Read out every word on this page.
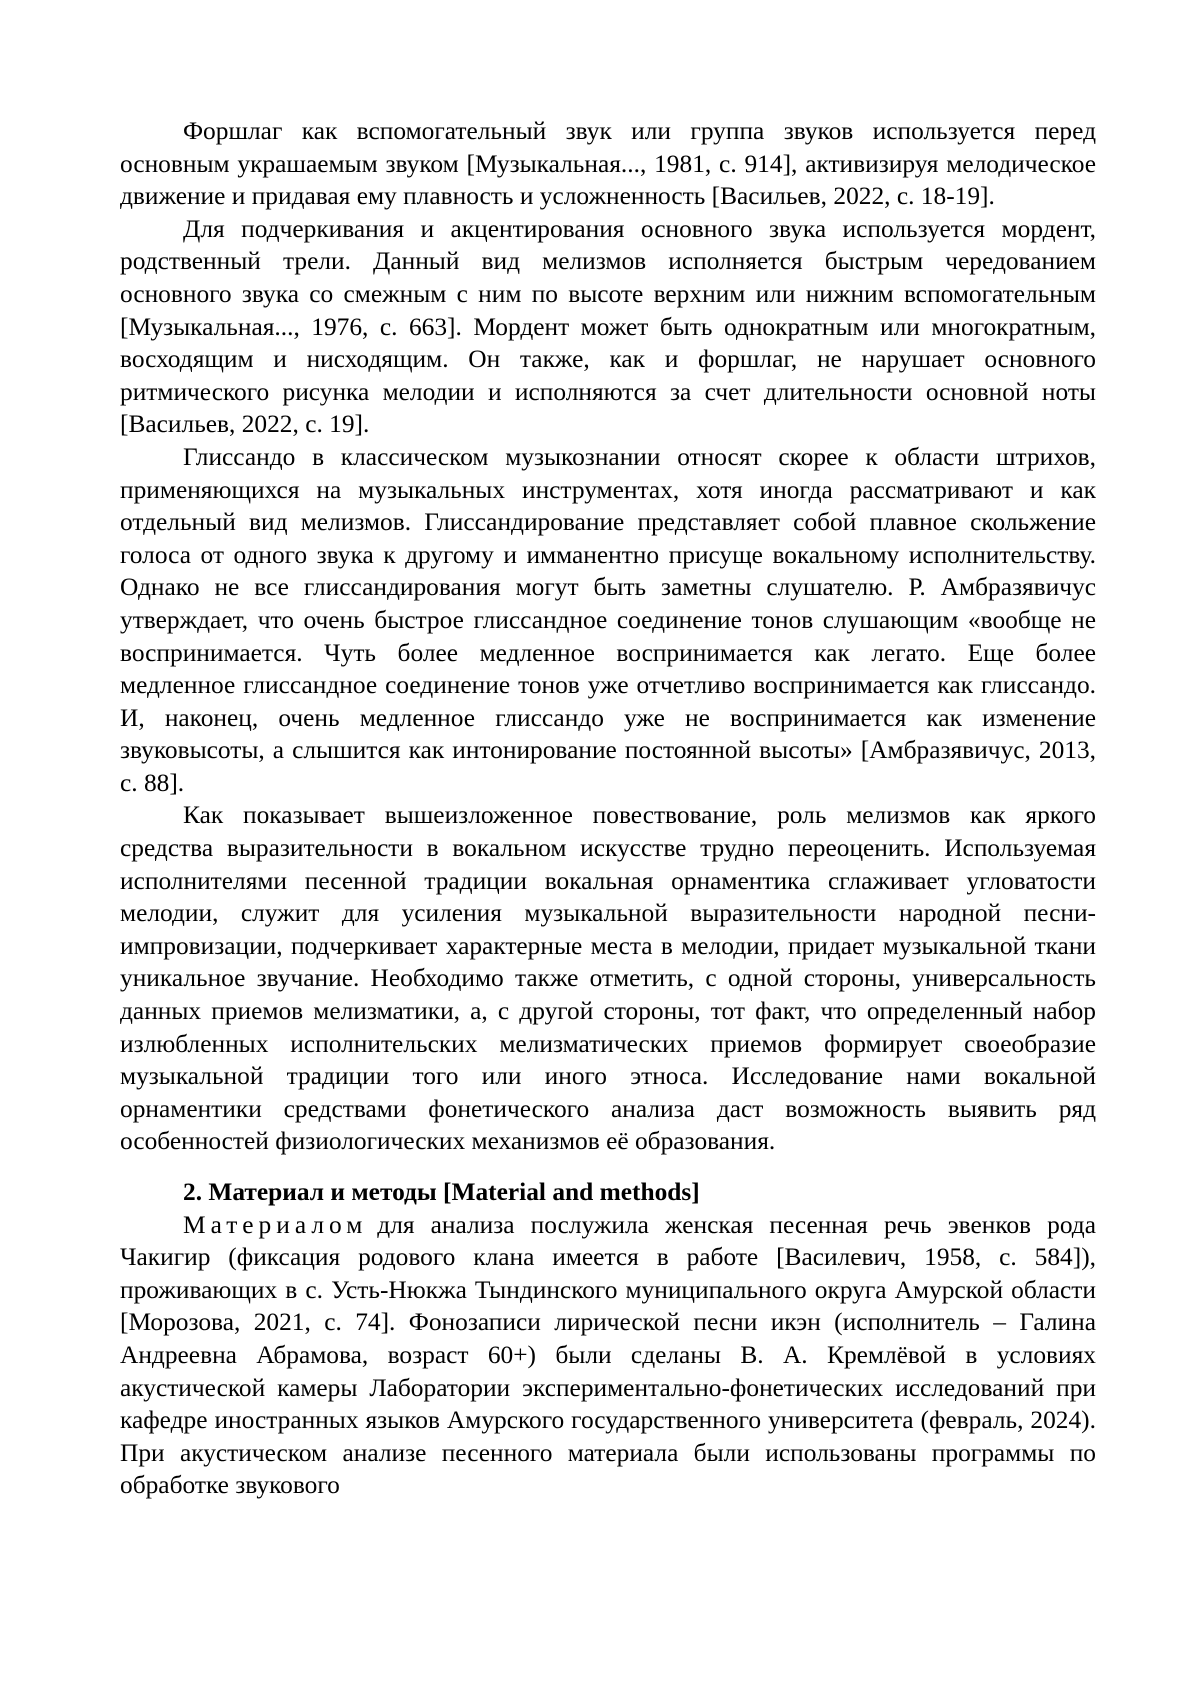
Форшлаг как вспомогательный звук или группа звуков используется перед основным украшаемым звуком [Музыкальная..., 1981, с. 914], активизируя мелодическое движение и придавая ему плавность и усложненность [Васильев, 2022, с. 18-19].

Для подчеркивания и акцентирования основного звука используется мордент, родственный трели. Данный вид мелизмов исполняется быстрым чередованием основного звука со смежным с ним по высоте верхним или нижним вспомогательным [Музыкальная..., 1976, с. 663]. Мордент может быть однократным или многократным, восходящим и нисходящим. Он также, как и форшлаг, не нарушает основного ритмического рисунка мелодии и исполняются за счет длительности основной ноты [Васильев, 2022, с. 19].

Глиссандо в классическом музыкознании относят скорее к области штрихов, применяющихся на музыкальных инструментах, хотя иногда рассматривают и как отдельный вид мелизмов. Глиссандирование представляет собой плавное скольжение голоса от одного звука к другому и имманентно присуще вокальному исполнительству. Однако не все глиссандирования могут быть заметны слушателю. Р. Амбразявичус утверждает, что очень быстрое глиссандное соединение тонов слушающим «вообще не воспринимается. Чуть более медленное воспринимается как легато. Еще более медленное глиссандное соединение тонов уже отчетливо воспринимается как глиссандо. И, наконец, очень медленное глиссандо уже не воспринимается как изменение звуковысоты, а слышится как интонирование постоянной высоты» [Амбразявичус, 2013, с. 88].

Как показывает вышеизложенное повествование, роль мелизмов как яркого средства выразительности в вокальном искусстве трудно переоценить. Используемая исполнителями песенной традиции вокальная орнаментика сглаживает угловатости мелодии, служит для усиления музыкальной выразительности народной песни-импровизации, подчеркивает характерные места в мелодии, придает музыкальной ткани уникальное звучание. Необходимо также отметить, с одной стороны, универсальность данных приемов мелизматики, а, с другой стороны, тот факт, что определенный набор излюбленных исполнительских мелизматических приемов формирует своеобразие музыкальной традиции того или иного этноса. Исследование нами вокальной орнаментики средствами фонетического анализа даст возможность выявить ряд особенностей физиологических механизмов её образования.

2. Материал и методы [Material and methods]

Материалом для анализа послужила женская песенная речь эвенков рода Чакигир (фиксация родового клана имеется в работе [Василевич, 1958, с. 584]), проживающих в с. Усть-Нюкжа Тындинского муниципального округа Амурской области [Морозова, 2021, с. 74]. Фонозаписи лирической песни икэн (исполнитель – Галина Андреевна Абрамова, возраст 60+) были сделаны В. А. Кремлёвой в условиях акустической камеры Лаборатории экспериментально-фонетических исследований при кафедре иностранных языков Амурского государственного университета (февраль, 2024). При акустическом анализе песенного материала были использованы программы по обработке звукового
